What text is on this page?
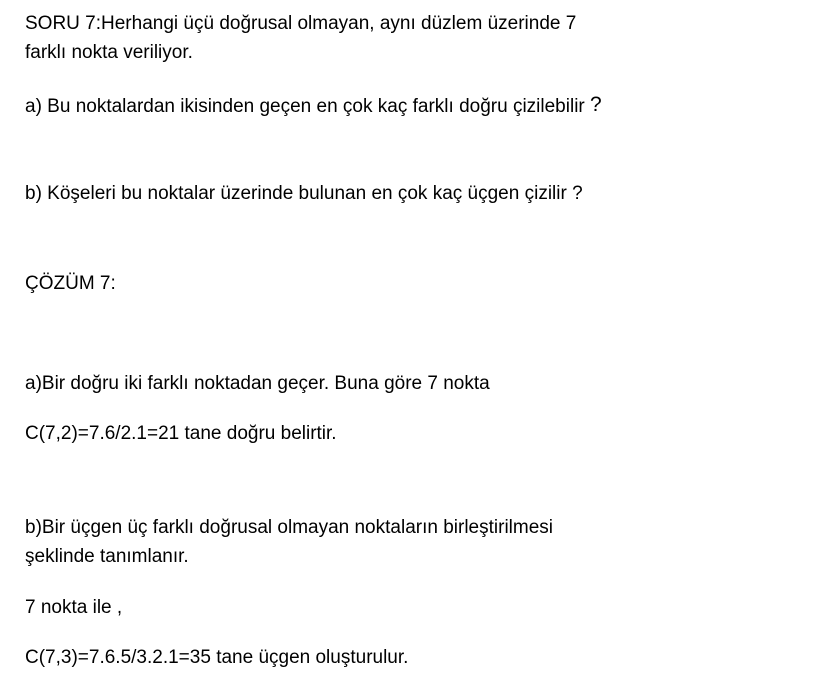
SORU 7:Herhangi üçü doğrusal olmayan, aynı düzlem üzerinde 7
farklı nokta veriliyor.
a) Bu noktalardan ikisinden geçen en çok kaç farklı doğru çizilebilir ?
b) Köşeleri bu noktalar üzerinde bulunan en çok kaç üçgen çizilir ?
ÇÖZÜM 7:
a)Bir doğru iki farklı noktadan geçer. Buna göre 7 nokta
C(7,2)=7.6/2.1=21 tane doğru belirtir.
b)Bir üçgen üç farklı doğrusal olmayan noktaların birleştirilmesi
şeklinde tanımlanır.
7 nokta ile ,
C(7,3)=7.6.5/3.2.1=35 tane üçgen oluşturulur.
